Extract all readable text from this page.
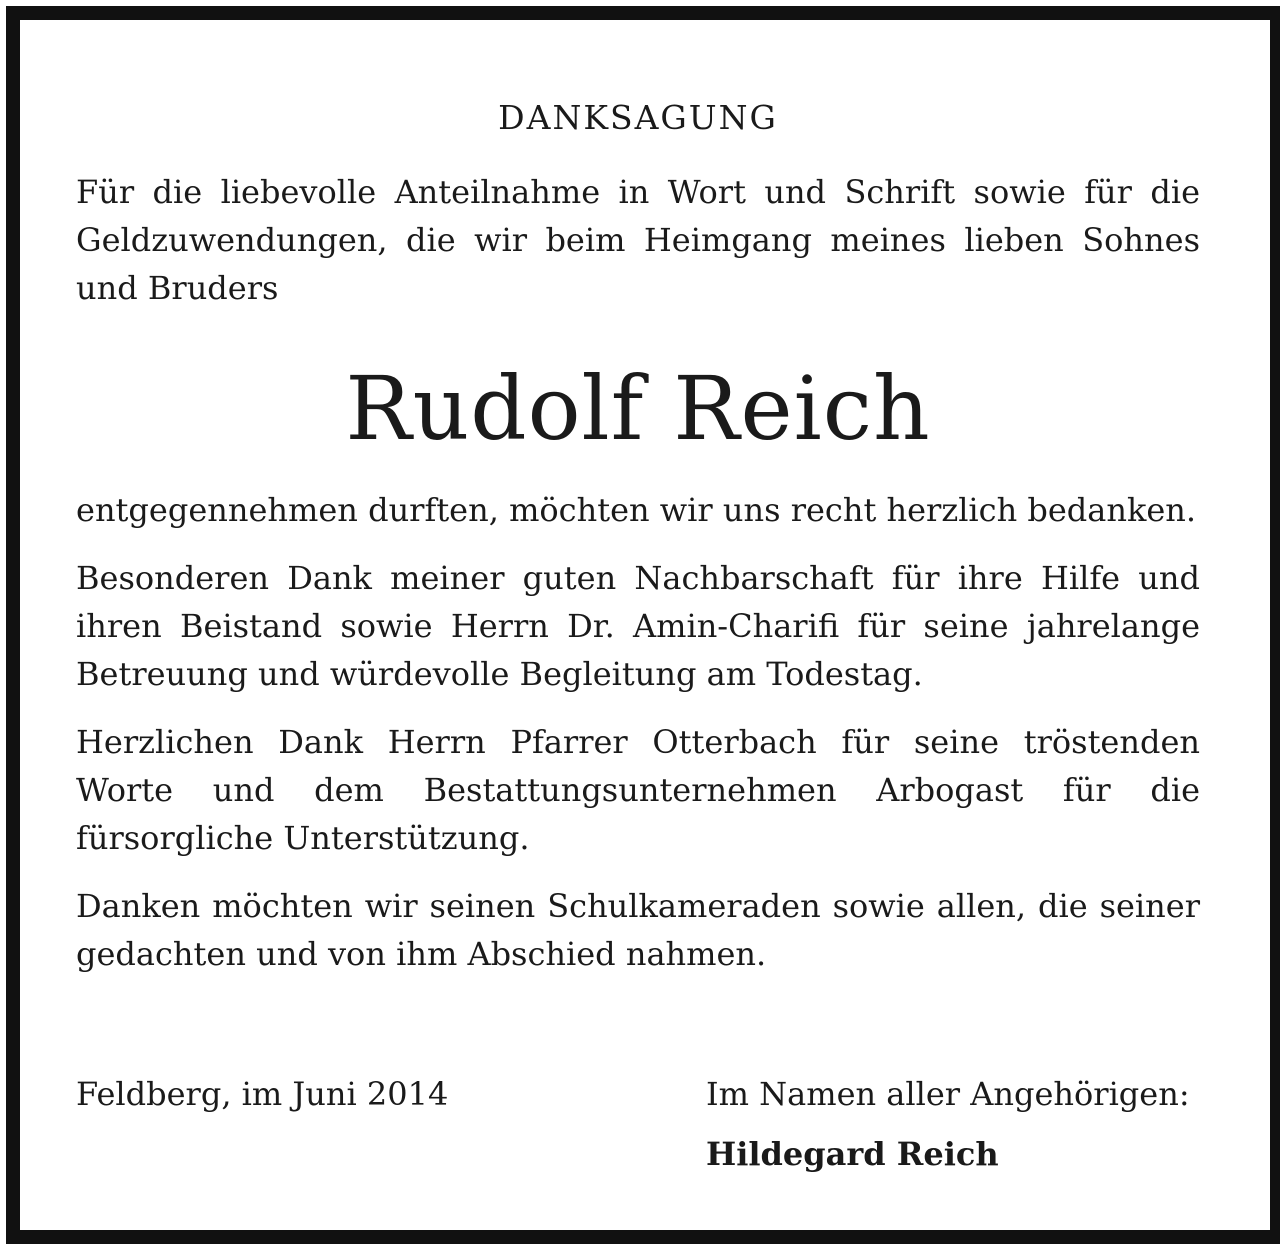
DANKSAGUNG

Für die liebevolle Anteilnahme in Wort und Schrift sowie für die Geldzuwendungen, die wir beim Heimgang meines lieben Sohnes und Bruders

Rudolf Reich

entgegennehmen durften, möchten wir uns recht herzlich bedanken.

Besonderen Dank meiner guten Nachbarschaft für ihre Hilfe und ihren Beistand sowie Herrn Dr. Amin-Charifi für seine jahrelange Betreuung und würdevolle Begleitung am Todestag.

Herzlichen Dank Herrn Pfarrer Otterbach für seine tröstenden Worte und dem Bestattungsunternehmen Arbogast für die fürsorgliche Unterstützung.

Danken möchten wir seinen Schulkameraden sowie allen, die seiner gedachten und von ihm Abschied nahmen.

Feldberg, im Juni 2014	Im Namen aller Angehörigen:
Hildegard Reich
